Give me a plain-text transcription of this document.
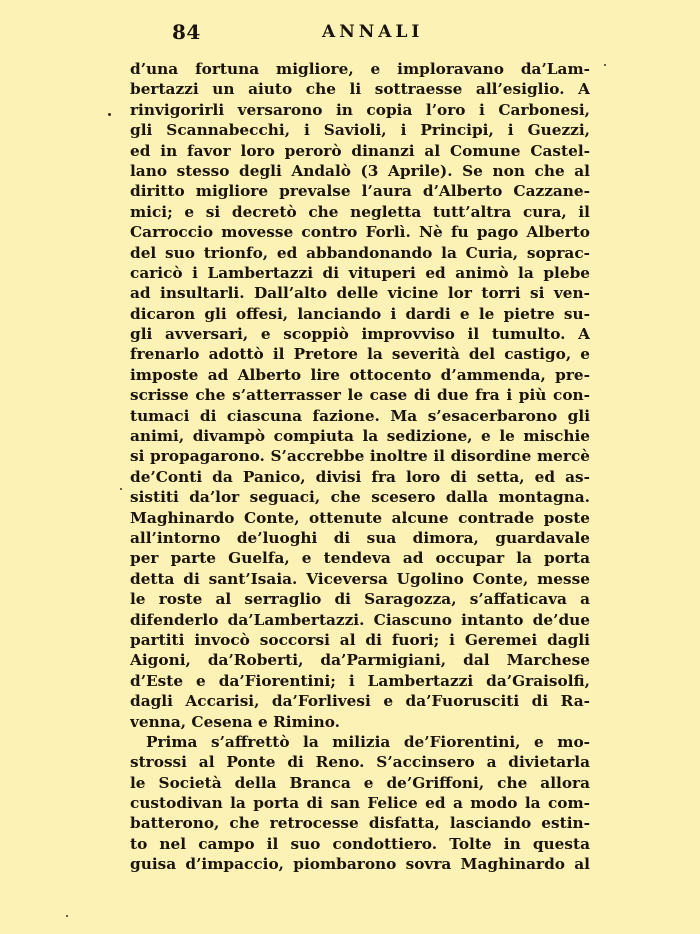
84	ANNALI
d’una fortuna migliore, e imploravano da’Lam-
bertazzi un aiuto che li sottraesse all’esiglio. A
rinvigorirli versarono in copia l’oro i Carbonesi,
gli Scannabecchi, i Savioli, i Principi, i Guezzi,
ed in favor loro perorò dinanzi al Comune Castel-
lano stesso degli Andalò (3 Aprile). Se non che al
diritto migliore prevalse l’aura d’Alberto Cazzane-
mici; e si decretò che negletta tutt’altra cura, il
Carroccio movesse contro Forlì. Nè fu pago Alberto
del suo trionfo, ed abbandonando la Curia, soprac-
caricò i Lambertazzi di vituperi ed animò la plebe
ad insultarli. Dall’alto delle vicine lor torri si ven-
dicaron gli offesi, lanciando i dardi e le pietre su-
gli avversari, e scoppiò improvviso il tumulto. A
frenarlo adottò il Pretore la severità del castigo, e
imposte ad Alberto lire ottocento d’ammenda, pre-
scrisse che s’atterrasser le case di due fra i più con-
tumaci di ciascuna fazione. Ma s’esacerbarono gli
animi, divampò compiuta la sedizione, e le mischie
si propagarono. S’accrebbe inoltre il disordine mercè
de’Conti da Panico, divisi fra loro di setta, ed as-
sistiti da’lor seguaci, che scesero dalla montagna.
Maghinardo Conte, ottenute alcune contrade poste
all’intorno de’luoghi di sua dimora, guardavale
per parte Guelfa, e tendeva ad occupar la porta
detta di sant’Isaia. Viceversa Ugolino Conte, messe
le roste al serraglio di Saragozza, s’affaticava a
difenderlo da’Lambertazzi. Ciascuno intanto de’due
partiti invocò soccorsi al di fuori; i Geremei dagli
Aigoni, da’Roberti, da’Parmigiani, dal Marchese
d’Este e da’Fiorentini; i Lambertazzi da’Graisolfi,
dagli Accarisi, da’Forlivesi e da’Fuorusciti di Ra-
venna, Cesena e Rimino.
Prima s’affrettò la milizia de’Fiorentini, e mo-
strossi al Ponte di Reno. S’accinsero a divietarla
le Società della Branca e de’Griffoni, che allora
custodivan la porta di san Felice ed a modo la com-
batterono, che retrocesse disfatta, lasciando estin-
to nel campo il suo condottiero. Tolte in questa
guisa d’impaccio, piombarono sovra Maghinardo al
